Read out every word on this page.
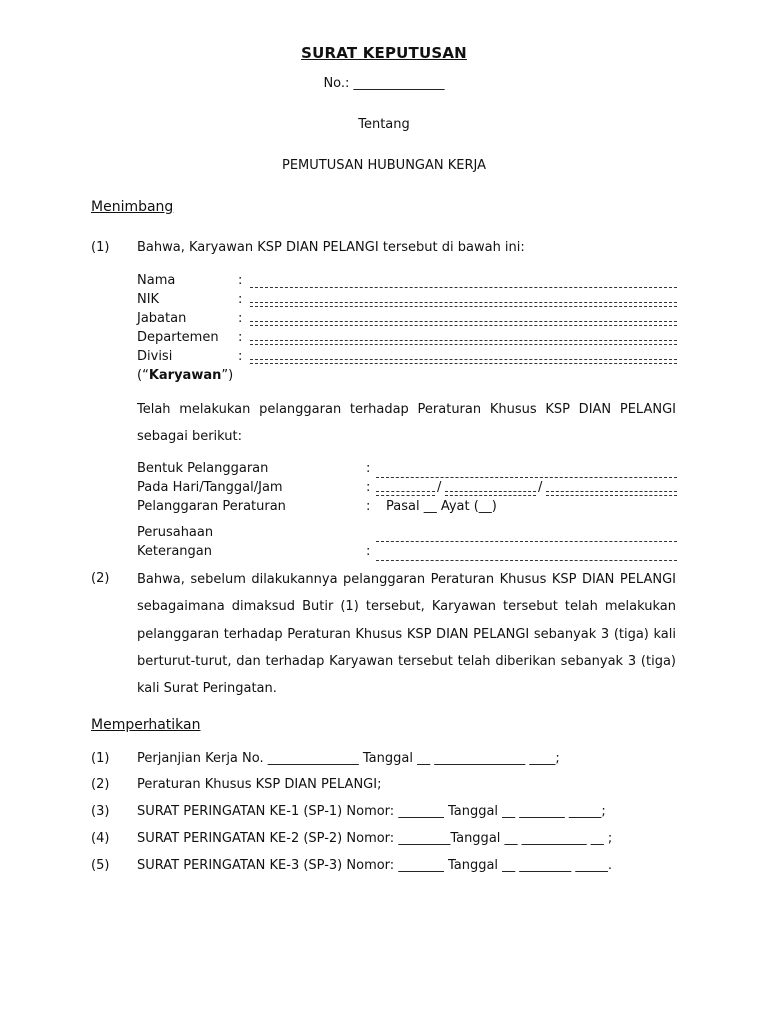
SURAT KEPUTUSAN
No.: ______________
Tentang
PEMUTUSAN HUBUNGAN KERJA
Menimbang
(1) Bahwa, Karyawan KSP DIAN PELANGI tersebut di bawah ini:
Nama	:
NIK	:
Jabatan	:
Departemen :
Divisi	:
(“Karyawan”)
Telah melakukan pelanggaran terhadap Peraturan Khusus KSP DIAN PELANGI sebagai berikut:
Bentuk Pelanggaran	:
Pada Hari/Tanggal/Jam	:	/	/
Pelanggaran Peraturan	: Pasal __ Ayat (__)
Perusahaan
Keterangan	:
(2) Bahwa, sebelum dilakukannya pelanggaran Peraturan Khusus KSP DIAN PELANGI sebagaimana dimaksud Butir (1) tersebut, Karyawan tersebut telah melakukan pelanggaran terhadap Peraturan Khusus KSP DIAN PELANGI sebanyak 3 (tiga) kali berturut-turut, dan terhadap Karyawan tersebut telah diberikan sebanyak 3 (tiga) kali Surat Peringatan.
Memperhatikan
(1) Perjanjian Kerja No. ______________ Tanggal __ ______________ ____;
(2) Peraturan Khusus KSP DIAN PELANGI;
(3) SURAT PERINGATAN KE-1 (SP-1) Nomor: _______ Tanggal __ _______ _____;
(4) SURAT PERINGATAN KE-2 (SP-2) Nomor: ________Tanggal __ __________ __ ;
(5) SURAT PERINGATAN KE-3 (SP-3) Nomor: _______ Tanggal __ ________ _____.
